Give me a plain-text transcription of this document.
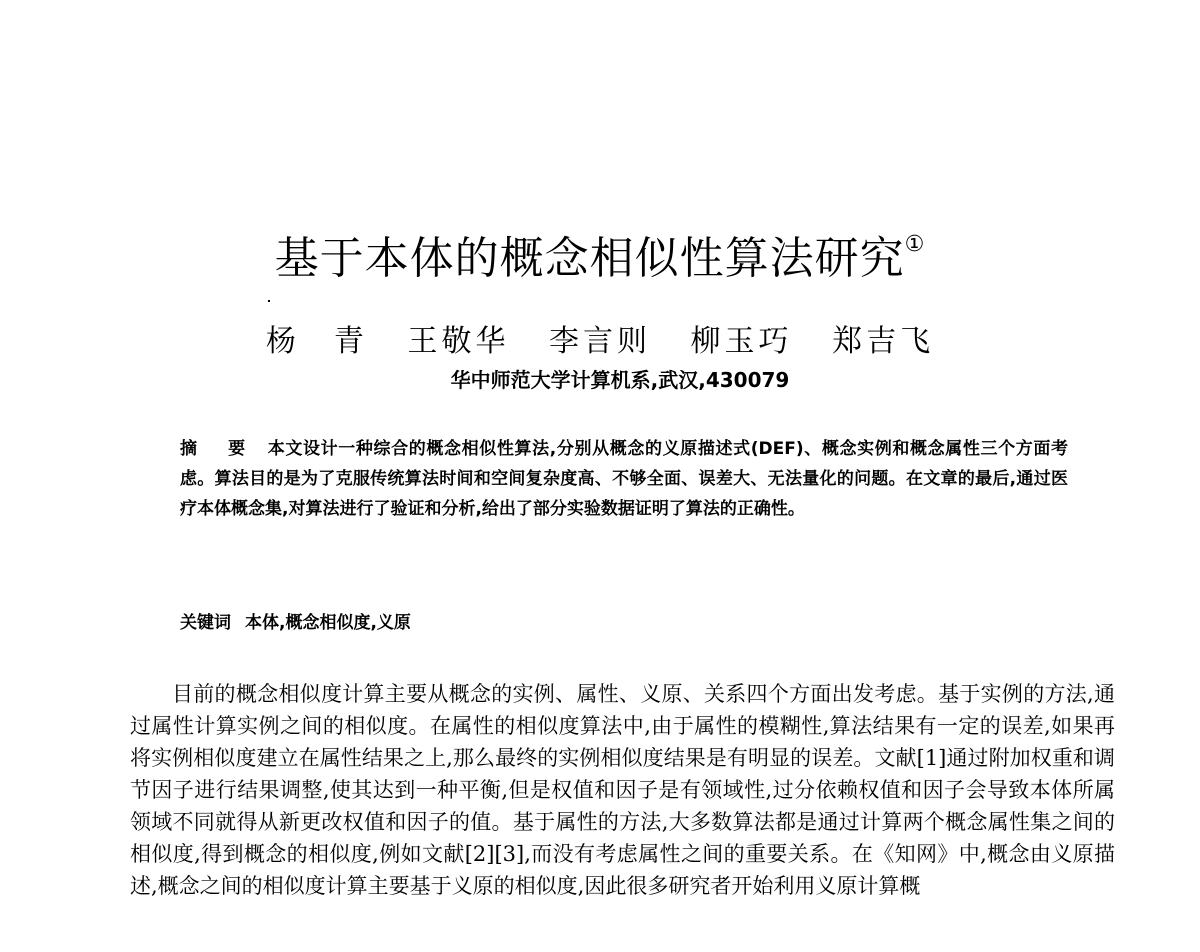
基于本体的概念相似性算法研究①
杨　青 王敬华 李言则 柳玉巧 郑吉飞
华中师范大学计算机系,武汉,430079
摘 要 本文设计一种综合的概念相似性算法,分别从概念的义原描述式(DEF)、概念实例和概念属性三个方面考虑。算法目的是为了克服传统算法时间和空间复杂度高、不够全面、误差大、无法量化的问题。在文章的最后,通过医疗本体概念集,对算法进行了验证和分析,给出了部分实验数据证明了算法的正确性。
关键词 本体,概念相似度,义原

目前的概念相似度计算主要从概念的实例、属性、义原、关系四个方面出发考虑。基于实例的方法,通过属性计算实例之间的相似度。在属性的相似度算法中,由于属性的模糊性,算法结果有一定的误差,如果再将实例相似度建立在属性结果之上,那么最终的实例相似度结果是有明显的误差。文献[1]通过附加权重和调节因子进行结果调整,使其达到一种平衡,但是权值和因子是有领域性,过分依赖权值和因子会导致本体所属领域不同就得从新更改权值和因子的值。基于属性的方法,大多数算法都是通过计算两个概念属性集之间的相似度,得到概念的相似度,例如文献[2][3],而没有考虑属性之间的重要关系。在《知网》中,概念由义原描述,概念之间的相似度计算主要基于义原的相似度,因此很多研究者开始利用义原计算概
